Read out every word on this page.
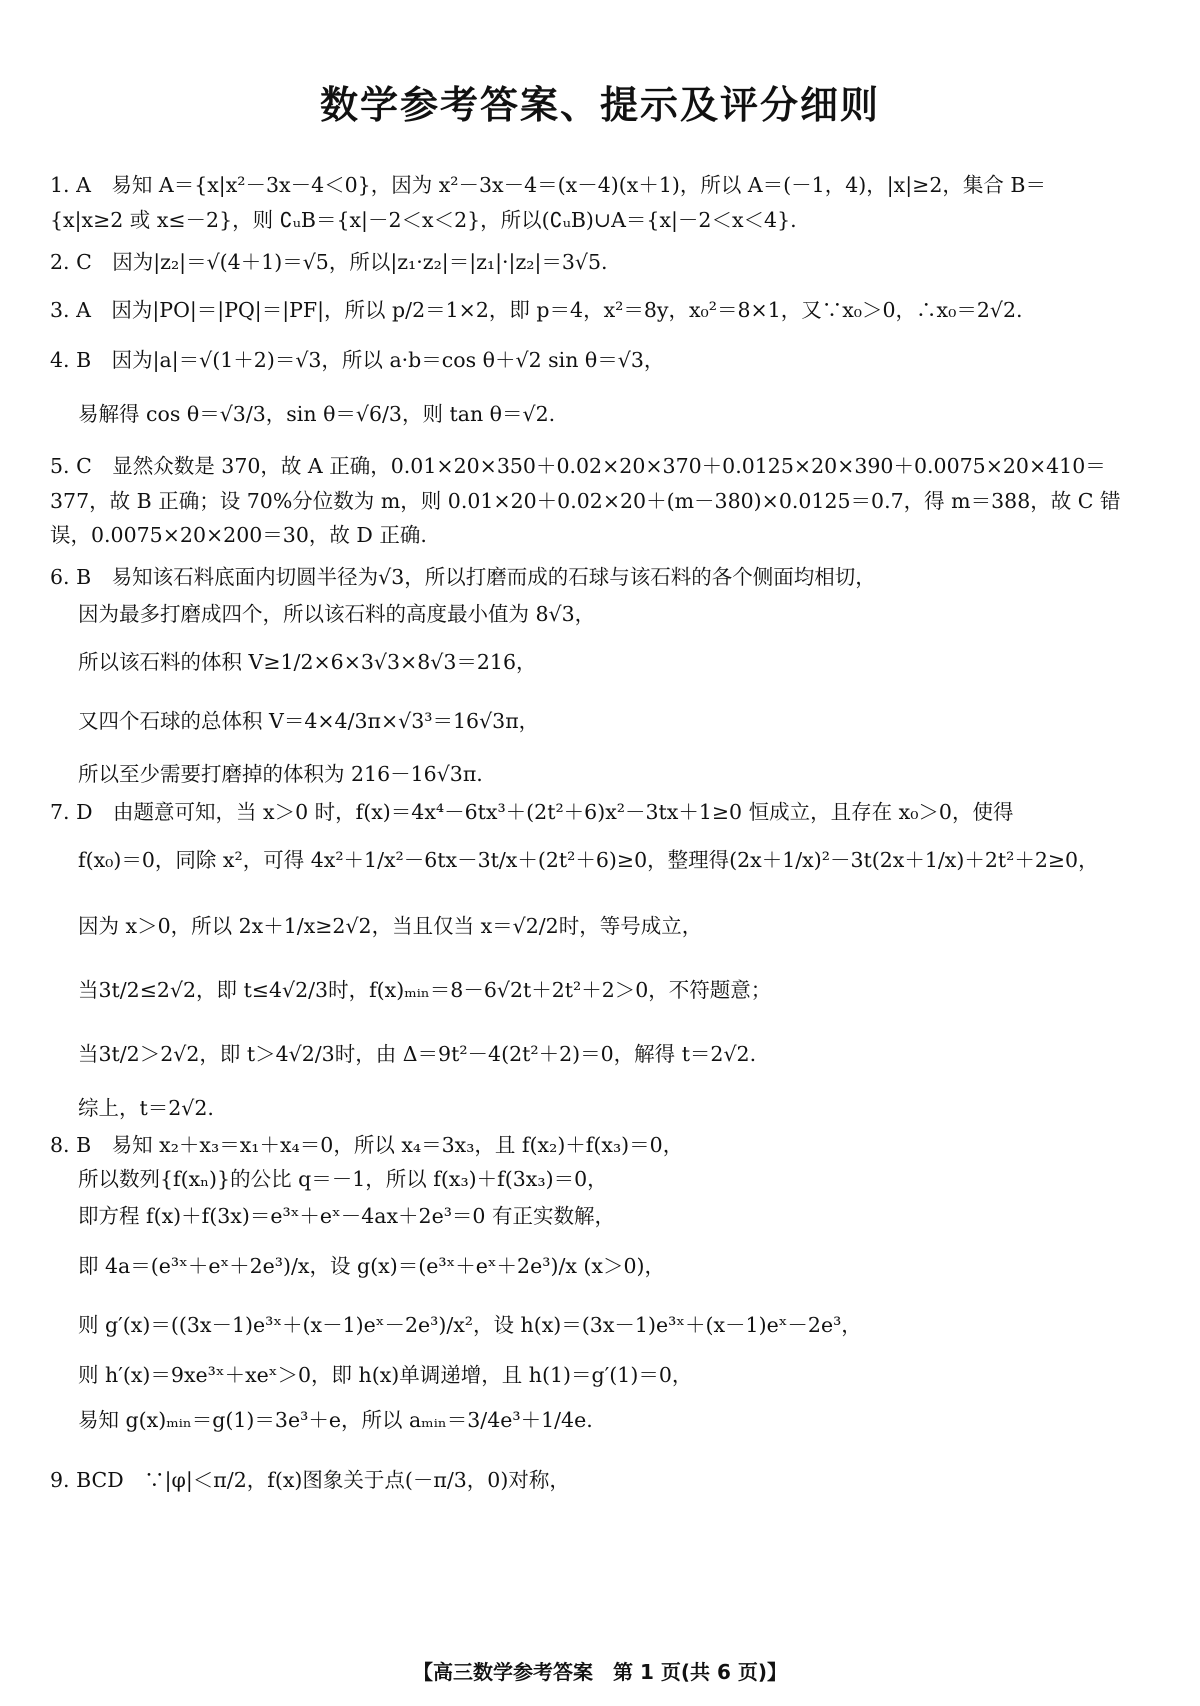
数学参考答案、提示及评分细则
1. A　易知 A＝{x|x²－3x－4＜0}，因为 x²－3x－4＝(x－4)(x＋1)，所以 A＝(－1，4)，|x|≥2，集合 B＝
{x|x≥2 或 x≤－2}，则 ∁ᵤB＝{x|－2＜x＜2}，所以(∁ᵤB)∪A＝{x|－2＜x＜4}.
2. C　因为|z₂|＝√(4＋1)＝√5，所以|z₁·z₂|＝|z₁|·|z₂|＝3√5.
3. A　因为|PO|＝|PQ|＝|PF|，所以 p/2＝1×2，即 p＝4，x²＝8y，x₀²＝8×1，又∵x₀＞0，∴x₀＝2√2.
4. B　因为|a|＝√(1＋2)＝√3，所以 a·b＝cos θ＋√2 sin θ＝√3，
易解得 cos θ＝√3/3，sin θ＝√6/3，则 tan θ＝√2.
5. C　显然众数是 370，故 A 正确，0.01×20×350＋0.02×20×370＋0.0125×20×390＋0.0075×20×410＝
377，故 B 正确；设 70%分位数为 m，则 0.01×20＋0.02×20＋(m－380)×0.0125＝0.7，得 m＝388，故 C 错
误，0.0075×20×200＝30，故 D 正确.
6. B　易知该石料底面内切圆半径为√3，所以打磨而成的石球与该石料的各个侧面均相切，
因为最多打磨成四个，所以该石料的高度最小值为 8√3，
所以该石料的体积 V≥1/2×6×3√3×8√3＝216，
又四个石球的总体积 V＝4×4/3π×√3³＝16√3π，
所以至少需要打磨掉的体积为 216－16√3π.
7. D　由题意可知，当 x＞0 时，f(x)＝4x⁴－6tx³＋(2t²＋6)x²－3tx＋1≥0 恒成立，且存在 x₀＞0，使得
f(x₀)＝0，同除 x²，可得 4x²＋1/x²－6tx－3t/x＋(2t²＋6)≥0，整理得(2x＋1/x)²－3t(2x＋1/x)＋2t²＋2≥0，
因为 x＞0，所以 2x＋1/x≥2√2，当且仅当 x＝√2/2时，等号成立，
当3t/2≤2√2，即 t≤4√2/3时，f(x)ₘᵢₙ＝8－6√2t＋2t²＋2＞0，不符题意；
当3t/2＞2√2，即 t＞4√2/3时，由 Δ＝9t²－4(2t²＋2)＝0，解得 t＝2√2.
综上，t＝2√2.
8. B　易知 x₂＋x₃＝x₁＋x₄＝0，所以 x₄＝3x₃，且 f(x₂)＋f(x₃)＝0，
所以数列{f(xₙ)}的公比 q＝－1，所以 f(x₃)＋f(3x₃)＝0，
即方程 f(x)＋f(3x)＝e³ˣ＋eˣ－4ax＋2e³＝0 有正实数解，
即 4a＝(e³ˣ＋eˣ＋2e³)/x，设 g(x)＝(e³ˣ＋eˣ＋2e³)/x (x＞0)，
则 g′(x)＝((3x－1)e³ˣ＋(x－1)eˣ－2e³)/x²，设 h(x)＝(3x－1)e³ˣ＋(x－1)eˣ－2e³，
则 h′(x)＝9xe³ˣ＋xeˣ＞0，即 h(x)单调递增，且 h(1)＝g′(1)＝0，
易知 g(x)ₘᵢₙ＝g(1)＝3e³＋e，所以 aₘᵢₙ＝3/4e³＋1/4e.
9. BCD　∵|φ|＜π/2，f(x)图象关于点(－π/3，0)对称，
【高三数学参考答案　第 1 页(共 6 页)】
